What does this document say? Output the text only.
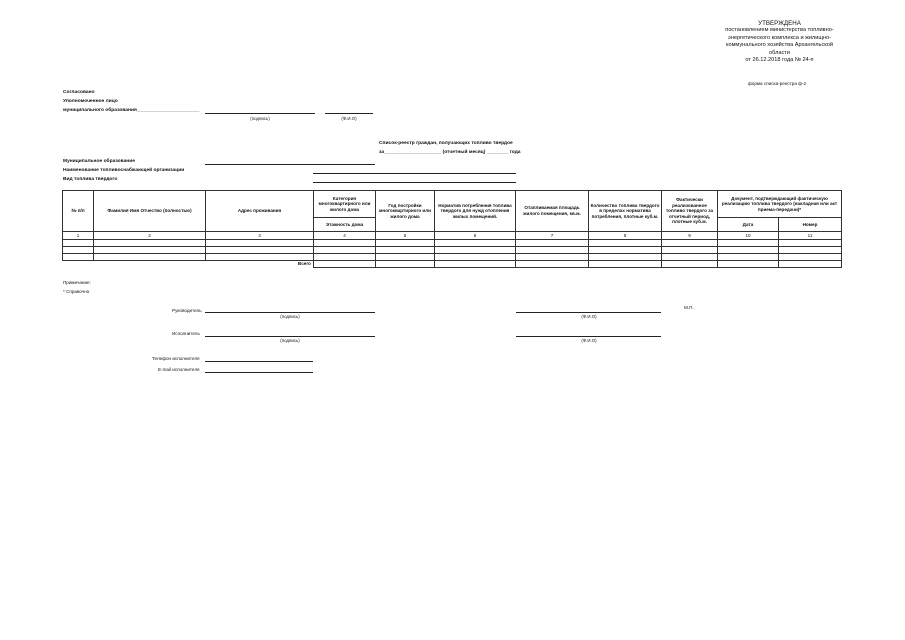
УТВЕРЖДЕНА
постановлением министерства топливно-
энергетического комплекса и жилищно-
коммунального хозяйства Архангельской
области
от 26.12.2018 года № 24-п
форма списка-реестра ф-2
Согласовано
Уполномоченное лицо
муниципального образования_______________________
(подпись)	(Ф.И.О)
Список-реестр граждан, получающих топливо твердое
за_____________________ (отчетный месяц) ________ года
Муниципальное образование
Наименование топливоснабжающей организации
Вид топлива твердого
№ п/п	Фамилия Имя Отчество (полностью)	Адрес проживания	Категория многоквартирного или жилого дома	Год постройки многоквартирного или жилого дома	Норматив потребления топлива твердого для нужд отопления жилых помещений.	Отапливаемая площадь жилого помещения, кв.м.	Количество топлива твердого в пределах норматива потребления, плотные куб.м.	Фактически реализованное топливо твердого за отчетный период, плотные куб.м.	Документ, подтверждающий фактическую реализацию топлива твердого (накладная или акт приема-передачи)*	
			Этажность дома						Дата	Номер
1	2	3	4	5	6	7	8	9	10	11

		Всего								
Примечание:
* Справочно
Руководитель
(подпись)	(Ф.И.О)
М.П.
Исполнитель
(подпись)	(Ф.И.О)
Телефон исполнителя
E-mail исполнителя
